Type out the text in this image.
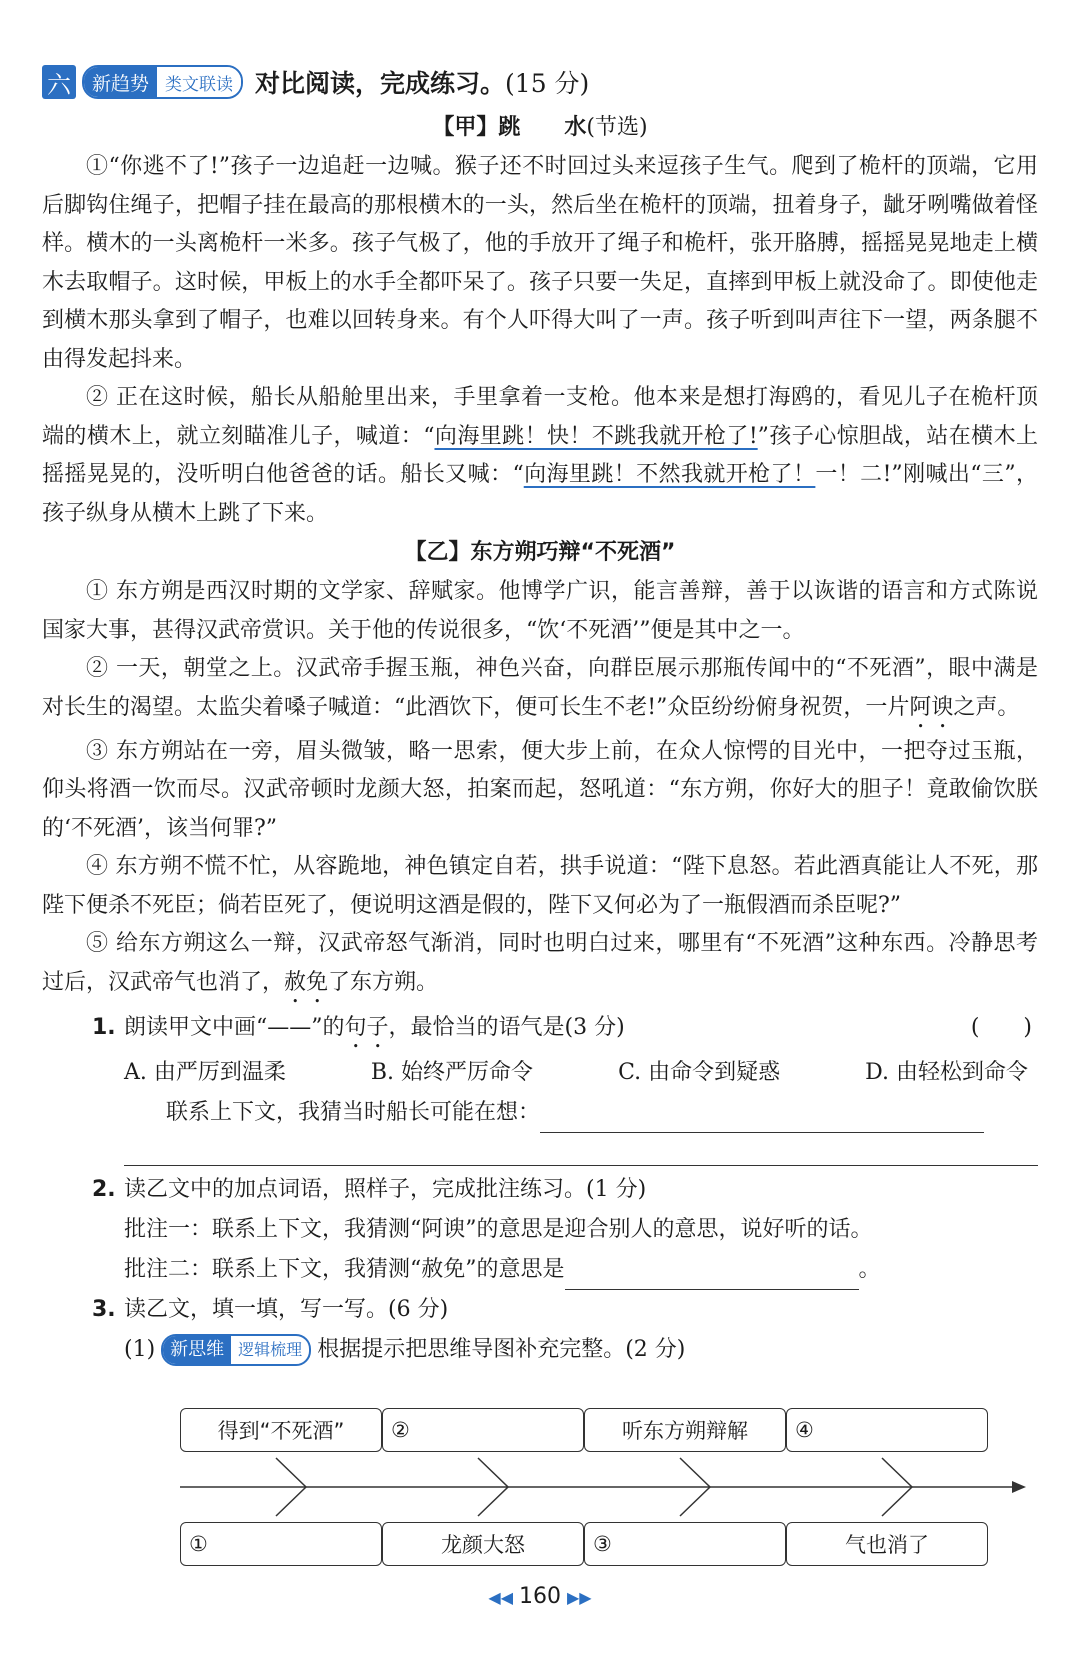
六	新趋势 类文联读 对比阅读，完成练习。(15 分)
【甲】跳　　水(节选)

①“你逃不了!”孩子一边追赶一边喊。猴子还不时回过头来逗孩子生气。爬到了桅杆的顶端，它用后脚钩住绳子，把帽子挂在最高的那根横木的一头，然后坐在桅杆的顶端，扭着身子，龇牙咧嘴做着怪样。横木的一头离桅杆一米多。孩子气极了，他的手放开了绳子和桅杆，张开胳膊，摇摇晃晃地走上横木去取帽子。这时候，甲板上的水手全都吓呆了。孩子只要一失足，直摔到甲板上就没命了。即使他走到横木那头拿到了帽子，也难以回转身来。有个人吓得大叫了一声。孩子听到叫声往下一望，两条腿不由得发起抖来。

② 正在这时候，船长从船舱里出来，手里拿着一支枪。他本来是想打海鸥的，看见儿子在桅杆顶端的横木上，就立刻瞄准儿子，喊道：“向海里跳！快！不跳我就开枪了!”孩子心惊胆战，站在横木上摇摇晃晃的，没听明白他爸爸的话。船长又喊：“向海里跳！不然我就开枪了！一！二!”刚喊出“三”，孩子纵身从横木上跳了下来。

【乙】东方朔巧辩“不死酒”

① 东方朔是西汉时期的文学家、辞赋家。他博学广识，能言善辩，善于以诙谐的语言和方式陈说国家大事，甚得汉武帝赏识。关于他的传说很多，“饮‘不死酒’”便是其中之一。

② 一天，朝堂之上。汉武帝手握玉瓶，神色兴奋，向群臣展示那瓶传闻中的“不死酒”，眼中满是对长生的渴望。太监尖着嗓子喊道：“此酒饮下，便可长生不老!”众臣纷纷俯身祝贺，一片阿谀之声。

③ 东方朔站在一旁，眉头微皱，略一思索，便大步上前，在众人惊愕的目光中，一把夺过玉瓶，仰头将酒一饮而尽。汉武帝顿时龙颜大怒，拍案而起，怒吼道：“东方朔，你好大的胆子！竟敢偷饮朕的‘不死酒’，该当何罪?”

④ 东方朔不慌不忙，从容跪地，神色镇定自若，拱手说道：“陛下息怒。若此酒真能让人不死，那陛下便杀不死臣；倘若臣死了，便说明这酒是假的，陛下又何必为了一瓶假酒而杀臣呢?”

⑤ 给东方朔这么一辩，汉武帝怒气渐消，同时也明白过来，哪里有“不死酒”这种东西。冷静思考过后，汉武帝气也消了，赦免了东方朔。

1. 朗读甲文中画“——”的句子，最恰当的语气是(3 分)	(　　)
A. 由严厉到温柔	B. 始终严厉命令	C. 由命令到疑惑	D. 由轻松到命令

联系上下文，我猜当时船长可能在想：

2. 读乙文中的加点词语，照样子，完成批注练习。(1 分)

批注一：联系上下文，我猜测“阿谀”的意思是迎合别人的意思，说好听的话。

批注二：联系上下文，我猜测“赦免”的意思是	。

3. 读乙文，填一填，写一写。(6 分)

(1) 新思维 逻辑梳理 根据提示把思维导图补充完整。(2 分)

得到“不死酒”	②	听东方朔辩解	④
①	龙颜大怒	③	气也消了
◀◀ 160 ▶▶
